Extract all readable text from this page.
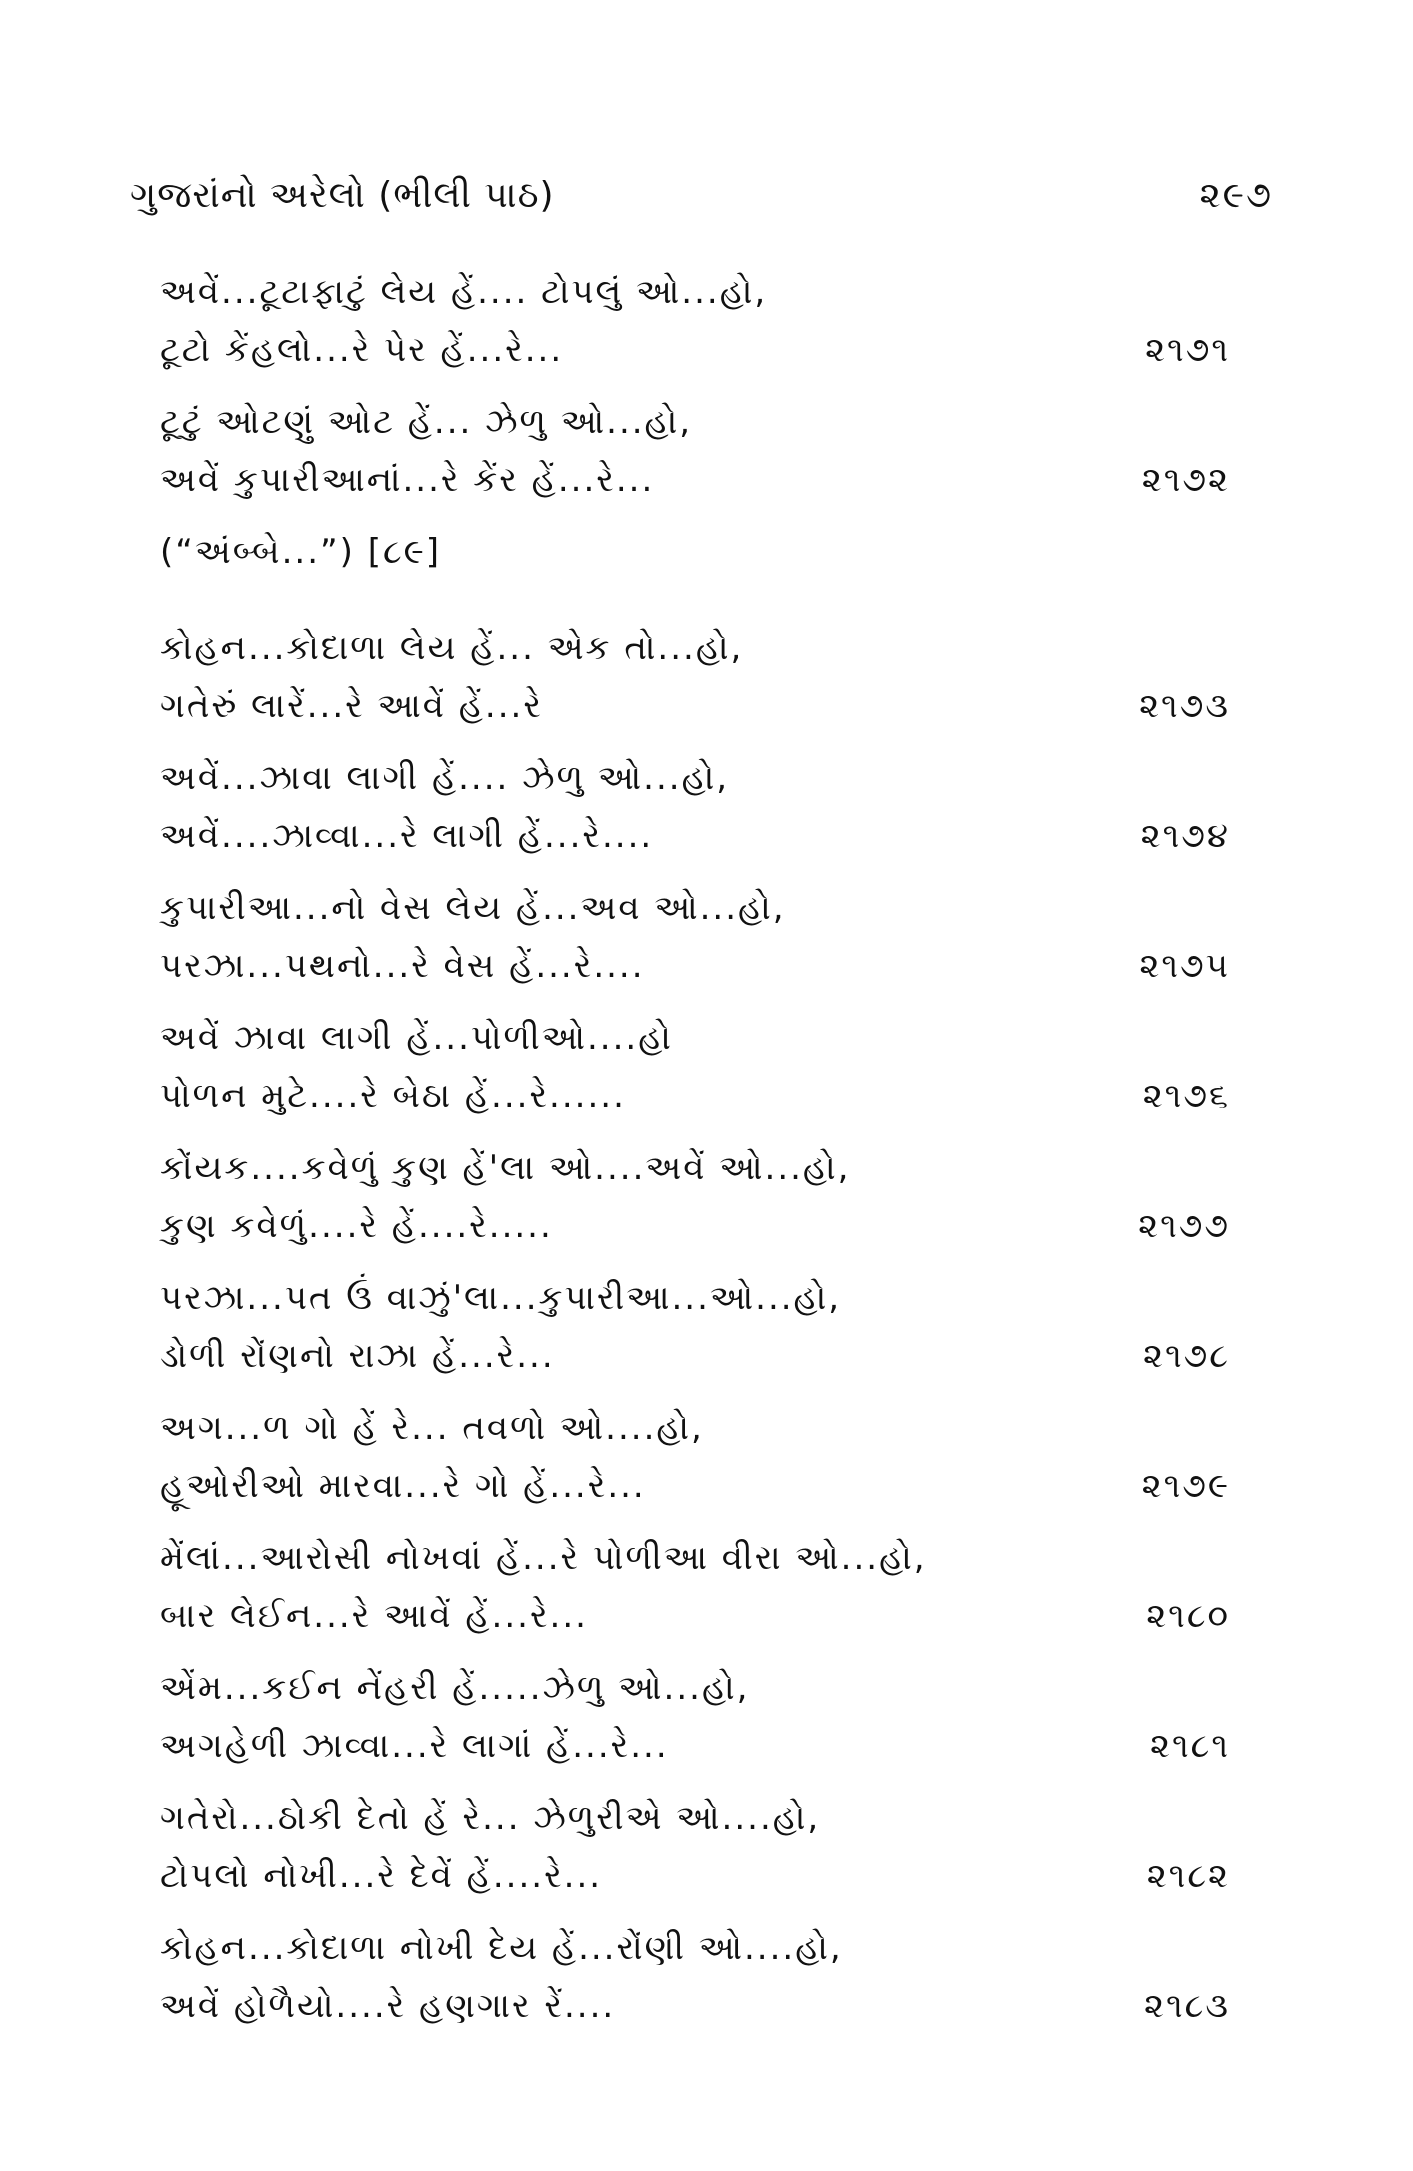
ગુજરાંનો અરેલો (ભીલી પાઠ)	૨૯૭
અવેં...ટૂટાફાટું લેય હેં.... ટોપલું ઓ...હો,
ટૂટો કેંહલો...રે પેર હેં...રે...	૨૧૭૧
ટૂટું ઓટણું ઓટ હેં... ઝેળુ ઓ...હો,
અવેં કુપારીઆનાં...રે કેંર હેં...રે...	૨૧૭૨
(“અંબ્બે...”) [૮૯]
કોહન...કોદાળા લેય હેં... એક તો...હો,
ગતેરું લારેં...રે આવેં હેં...રે	૨૧૭૩
અવેં...ઝાવા લાગી હેં.... ઝેળુ ઓ...હો,
અવેં....ઝાવ્વા...રે લાગી હેં...રે....	૨૧૭૪
કુપારીઆ...નો વેસ લેય હેં...અવ ઓ...હો,
પરઝા...પથનો...રે વેસ હેં...રે....	૨૧૭૫
અવેં ઝાવા લાગી હેં...પોળીઓ....હો
પોળન મુટે....રે બેઠા હેં...રે......	૨૧૭૬
કોંયક....કવેળું કુણ હેં'લા ઓ....અવેં ઓ...હો,
કુણ કવેળું....રે હેં....રે.....	૨૧૭૭
પરઝા...પત ઉં વાઝું'લા...કુપારીઆ...ઓ...હો,
ડોળી રોંણનો રાઝા હેં...રે...	૨૧૭૮
અગ...ળ ગો હેં રે... તવળો ઓ....હો,
હૂઓરીઓ મારવા...રે ગો હેં...રે...	૨૧૭૯
મેંલાં...આરોસી નોખવાં હેં...રે પોળીઆ વીરા ઓ...હો,
બાર લેઈન...રે આવેં હેં...રે...	૨૧૮૦
એંમ...કઈન નેંહરી હેં.....ઝેળુ ઓ...હો,
અગહેળી ઝાવ્વા...રે લાગાં હેં...રે...	૨૧૮૧
ગતેરો...ઠોકી દેતો હેં રે... ઝેળુરીએ ઓ....હો,
ટોપલો નોખી...રે દેવેં હેં....રે...	૨૧૮૨
કોહન...કોદાળા નોખી દેય હેં...રોંણી ઓ....હો,
અવેં હોળૈયો....રે હણગાર રેં....	૨૧૮૩
